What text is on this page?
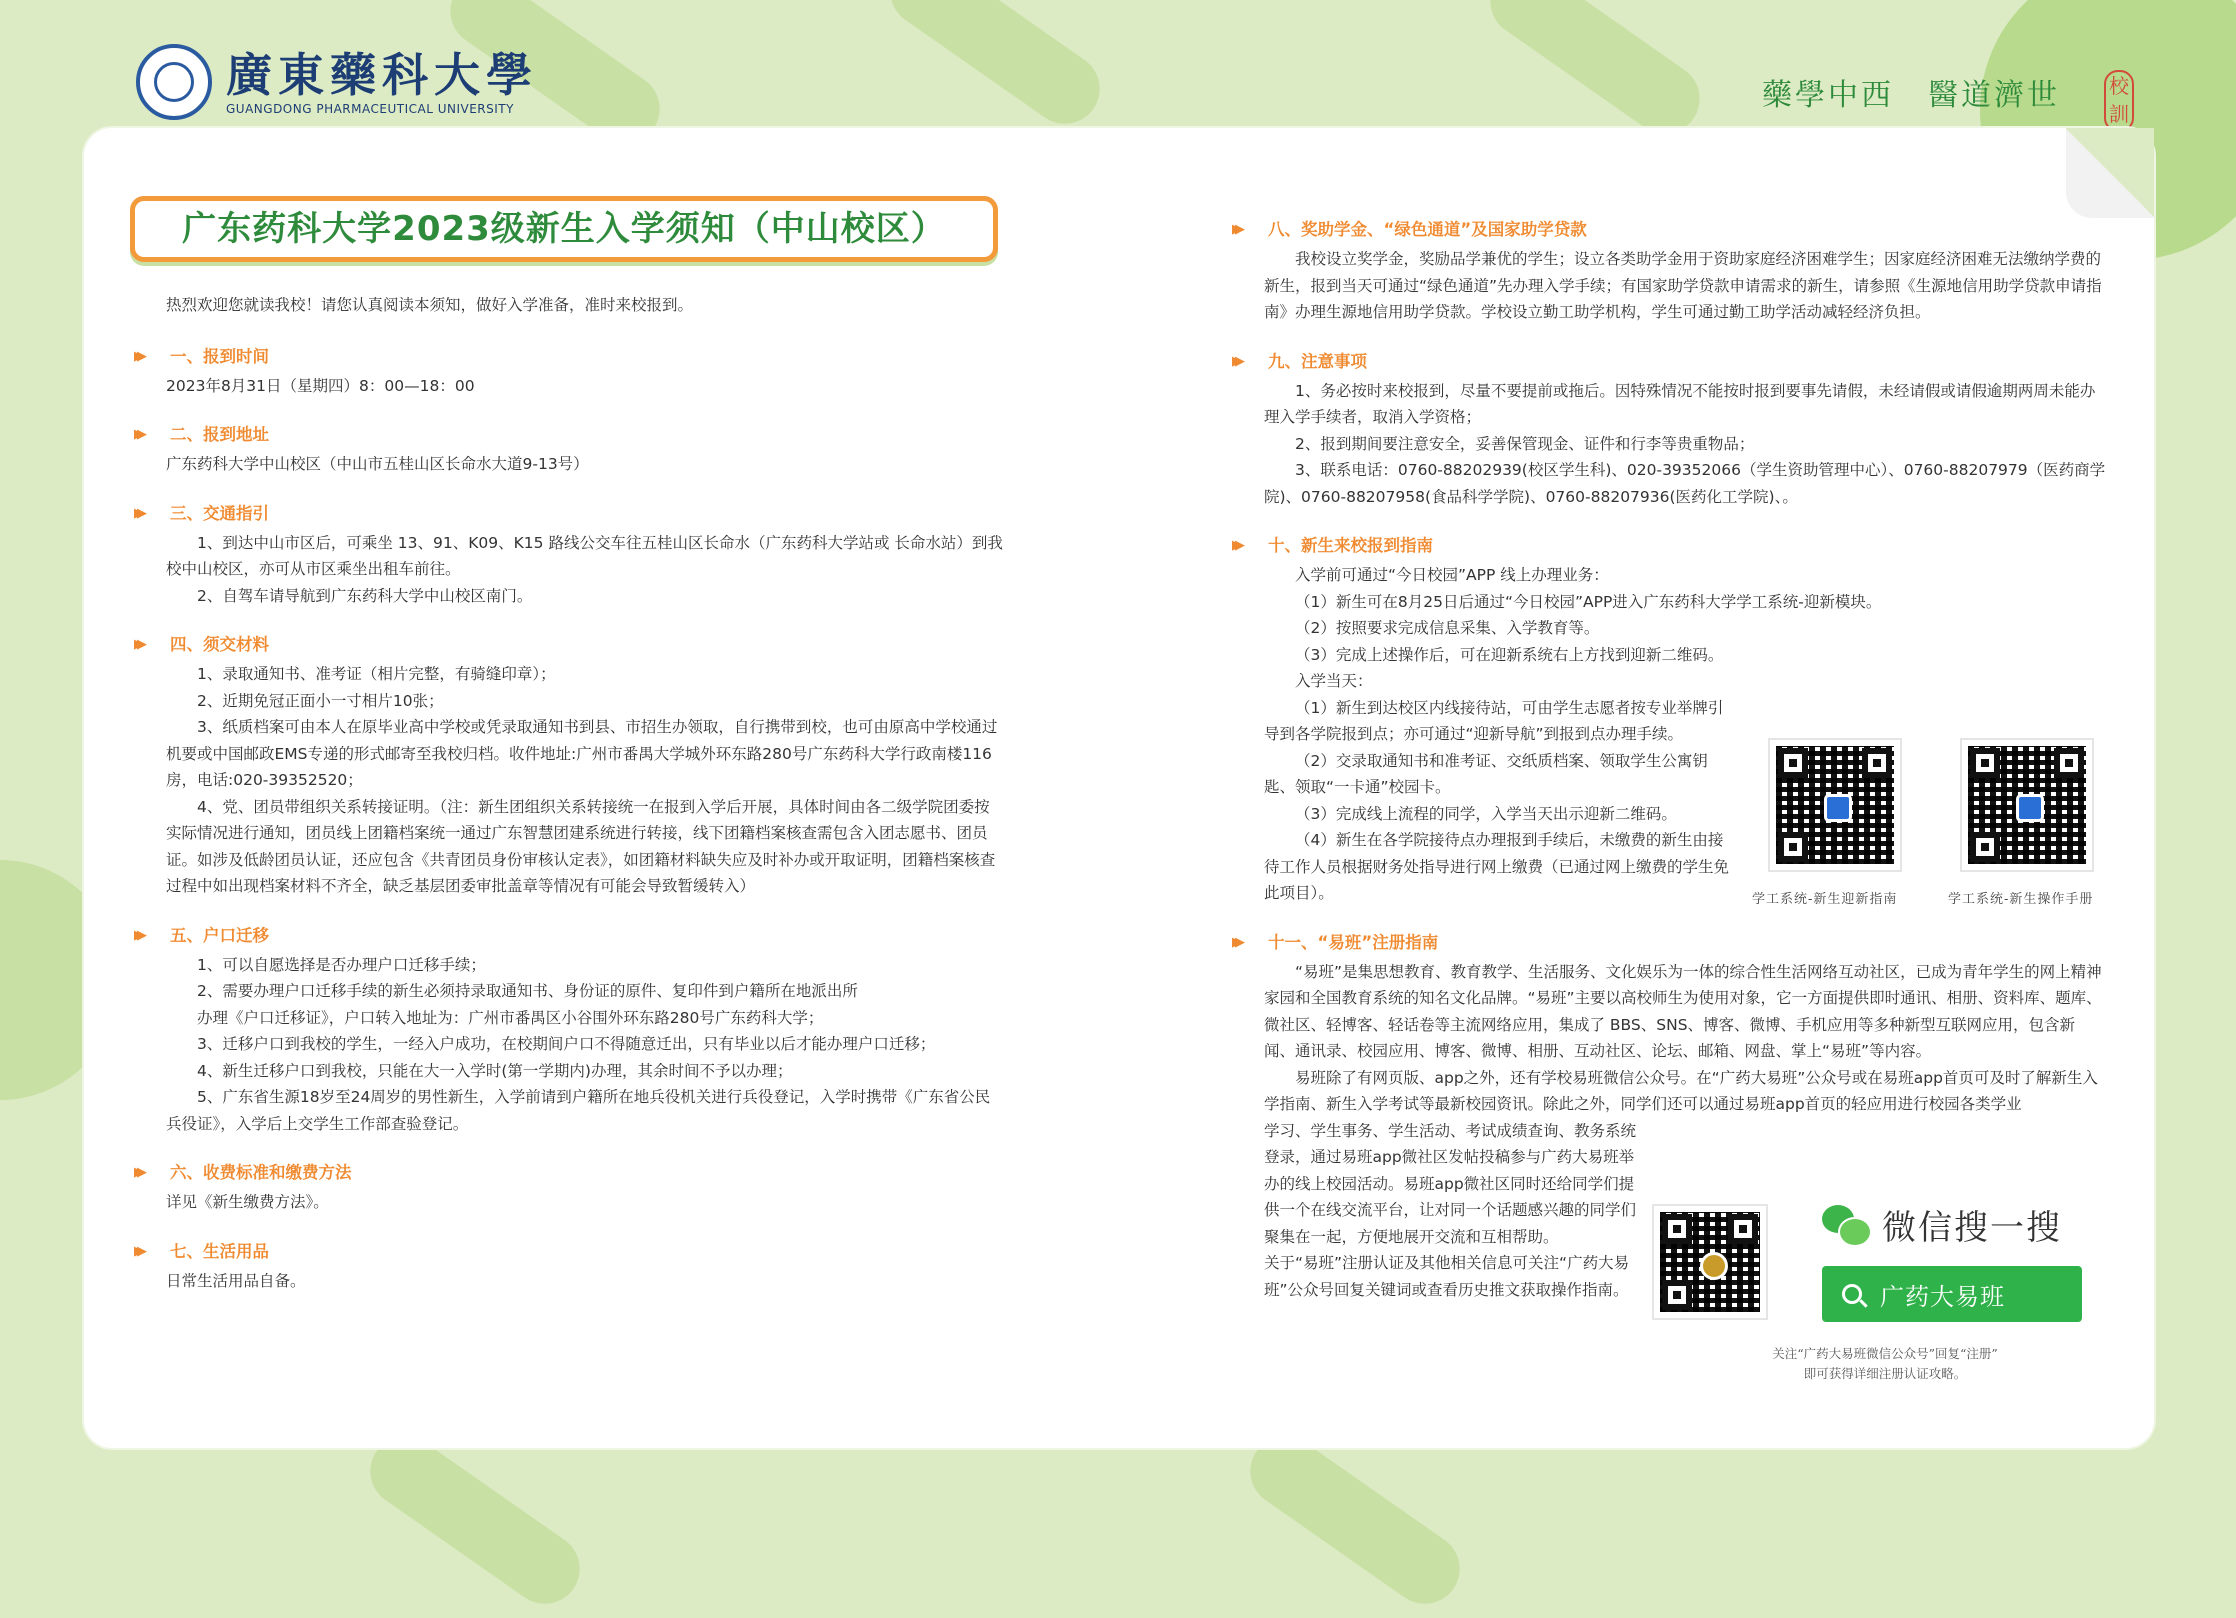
廣東藥科大學
GUANGDONG PHARMACEUTICAL UNIVERSITY	藥學中西 醫道濟世	校訓
广东药科大学2023级新生入学须知（中山校区）

热烈欢迎您就读我校！请您认真阅读本须知，做好入学准备，准时来校报到。

▶▶ 一、报到时间

2023年8月31日（星期四）8：00—18：00

▶▶ 二、报到地址

广东药科大学中山校区（中山市五桂山区长命水大道9-13号）

▶▶ 三、交通指引

1、到达中山市区后，可乘坐 13、91、K09、K15 路线公交车往五桂山区长命水（广东药科大学站或 长命水站）到我校中山校区，亦可从市区乘坐出租车前往。

2、自驾车请导航到广东药科大学中山校区南门。

▶▶ 四、须交材料

1、录取通知书、准考证（相片完整，有骑缝印章）；

2、近期免冠正面小一寸相片10张；

3、纸质档案可由本人在原毕业高中学校或凭录取通知书到县、市招生办领取，自行携带到校，也可由原高中学校通过机要或中国邮政EMS专递的形式邮寄至我校归档。收件地址:广州市番禺大学城外环东路280号广东药科大学行政南楼116房，电话:020-39352520；

4、党、团员带组织关系转接证明。（注：新生团组织关系转接统一在报到入学后开展，具体时间由各二级学院团委按实际情况进行通知，团员线上团籍档案统一通过广东智慧团建系统进行转接，线下团籍档案核查需包含入团志愿书、团员证。如涉及低龄团员认证，还应包含《共青团员身份审核认定表》，如团籍材料缺失应及时补办或开取证明，团籍档案核查过程中如出现档案材料不齐全，缺乏基层团委审批盖章等情况有可能会导致暂缓转入）

▶▶ 五、户口迁移

1、可以自愿选择是否办理户口迁移手续；

2、需要办理户口迁移手续的新生必须持录取通知书、身份证的原件、复印件到户籍所在地派出所

办理《户口迁移证》，户口转入地址为：广州市番禺区小谷围外环东路280号广东药科大学；

3、迁移户口到我校的学生，一经入户成功，在校期间户口不得随意迁出，只有毕业以后才能办理户口迁移；

4、新生迁移户口到我校，只能在大一入学时(第一学期内)办理，其余时间不予以办理；

5、广东省生源18岁至24周岁的男性新生，入学前请到户籍所在地兵役机关进行兵役登记，入学时携带《广东省公民兵役证》，入学后上交学生工作部查验登记。

▶▶ 六、收费标准和缴费方法

详见《新生缴费方法》。

▶▶ 七、生活用品

日常生活用品自备。

▶▶ 八、奖助学金、“绿色通道”及国家助学贷款

我校设立奖学金，奖励品学兼优的学生；设立各类助学金用于资助家庭经济困难学生；因家庭经济困难无法缴纳学费的新生，报到当天可通过“绿色通道”先办理入学手续；有国家助学贷款申请需求的新生，请参照《生源地信用助学贷款申请指南》办理生源地信用助学贷款。学校设立勤工助学机构，学生可通过勤工助学活动减轻经济负担。

▶▶ 九、注意事项

1、务必按时来校报到，尽量不要提前或拖后。因特殊情况不能按时报到要事先请假，未经请假或请假逾期两周未能办理入学手续者，取消入学资格；

2、报到期间要注意安全，妥善保管现金、证件和行李等贵重物品；

3、联系电话：0760-88202939(校区学生科)、020-39352066（学生资助管理中心）、0760-88207979（医药商学院)、0760-88207958(食品科学学院)、0760-88207936(医药化工学院)、。

▶▶ 十、新生来校报到指南

入学前可通过“今日校园”APP 线上办理业务：

（1）新生可在8月25日后通过“今日校园”APP进入广东药科大学学工系统-迎新模块。

（2）按照要求完成信息采集、入学教育等。

（3）完成上述操作后，可在迎新系统右上方找到迎新二维码。

入学当天：

（1）新生到达校区内线接待站，可由学生志愿者按专业举牌引导到各学院报到点；亦可通过“迎新导航”到报到点办理手续。

（2）交录取通知书和准考证、交纸质档案、领取学生公寓钥匙、领取“一卡通”校园卡。

（3）完成线上流程的同学，入学当天出示迎新二维码。

（4）新生在各学院接待点办理报到手续后，未缴费的新生由接待工作人员根据财务处指导进行网上缴费（已通过网上缴费的学生免此项目）。

▶▶ 十一、“易班”注册指南

“易班”是集思想教育、教育教学、生活服务、文化娱乐为一体的综合性生活网络互动社区，已成为青年学生的网上精神家园和全国教育系统的知名文化品牌。“易班”主要以高校师生为使用对象，它一方面提供即时通讯、相册、资料库、题库、微社区、轻博客、轻话卷等主流网络应用，集成了 BBS、SNS、博客、微博、手机应用等多种新型互联网应用，包含新闻、通讯录、校园应用、博客、微博、相册、互动社区、论坛、邮箱、网盘、掌上“易班”等内容。

易班除了有网页版、app之外，还有学校易班微信公众号。在“广药大易班”公众号或在易班app首页可及时了解新生入学指南、新生入学考试等最新校园资讯。除此之外，同学们还可以通过易班app首页的轻应用进行校园各类学业

学习、学生事务、学生活动、考试成绩查询、教务系统登录，通过易班app微社区发帖投稿参与广药大易班举办的线上校园活动。易班app微社区同时还给同学们提供一个在线交流平台，让对同一个话题感兴趣的同学们聚集在一起，方便地展开交流和互相帮助。

关于“易班”注册认证及其他相关信息可关注“广药大易班”公众号回复关键词或查看历史推文获取操作指南。

学工系统-新生迎新指南	学工系统-新生操作手册
微信搜一搜
广药大易班
关注“广药大易班微信公众号”回复“注册”
即可获得详细注册认证攻略。
